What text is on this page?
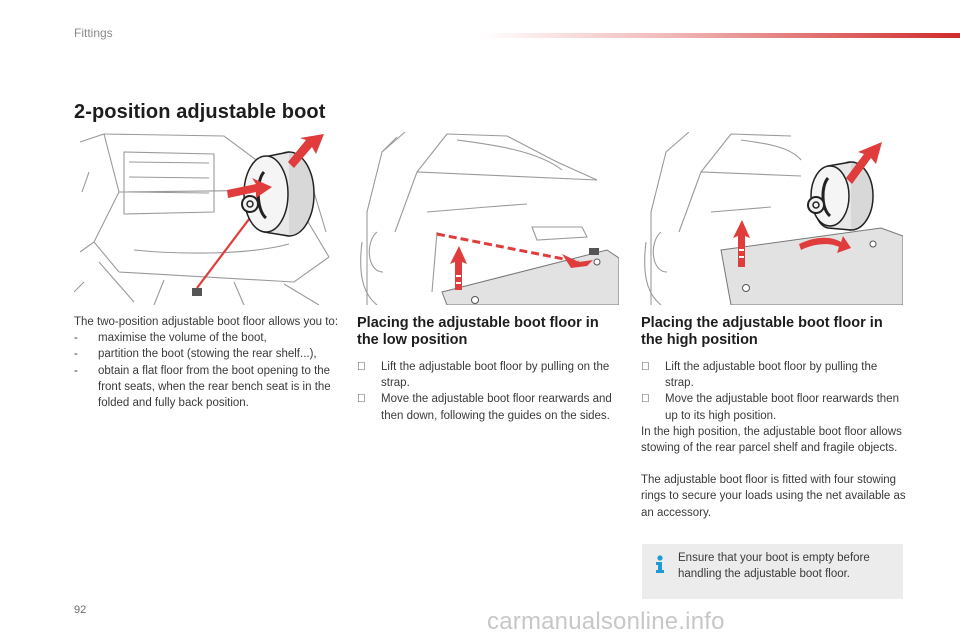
Fittings
2-position adjustable boot

The two-position adjustable boot floor allows you to:

-	maximise the volume of the boot,
-	partition the boot (stowing the rear shelf...),
-	obtain a flat floor from the boot opening to the front seats, when the rear bench seat is in the folded and fully back position.
Placing the adjustable boot floor in the low position
Lift the adjustable boot floor by pulling on the strap.
Move the adjustable boot floor rearwards and then down, following the guides on the sides.
Placing the adjustable boot floor in the high position
Lift the adjustable boot floor by pulling the strap.
Move the adjustable boot floor rearwards then up to its high position.

In the high position, the adjustable boot floor allows stowing of the rear parcel shelf and fragile objects.

The adjustable boot floor is fitted with four stowing rings to secure your loads using the net available as an accessory.

Ensure that your boot is empty before handling the adjustable boot floor.
92	carmanualsonline.info
